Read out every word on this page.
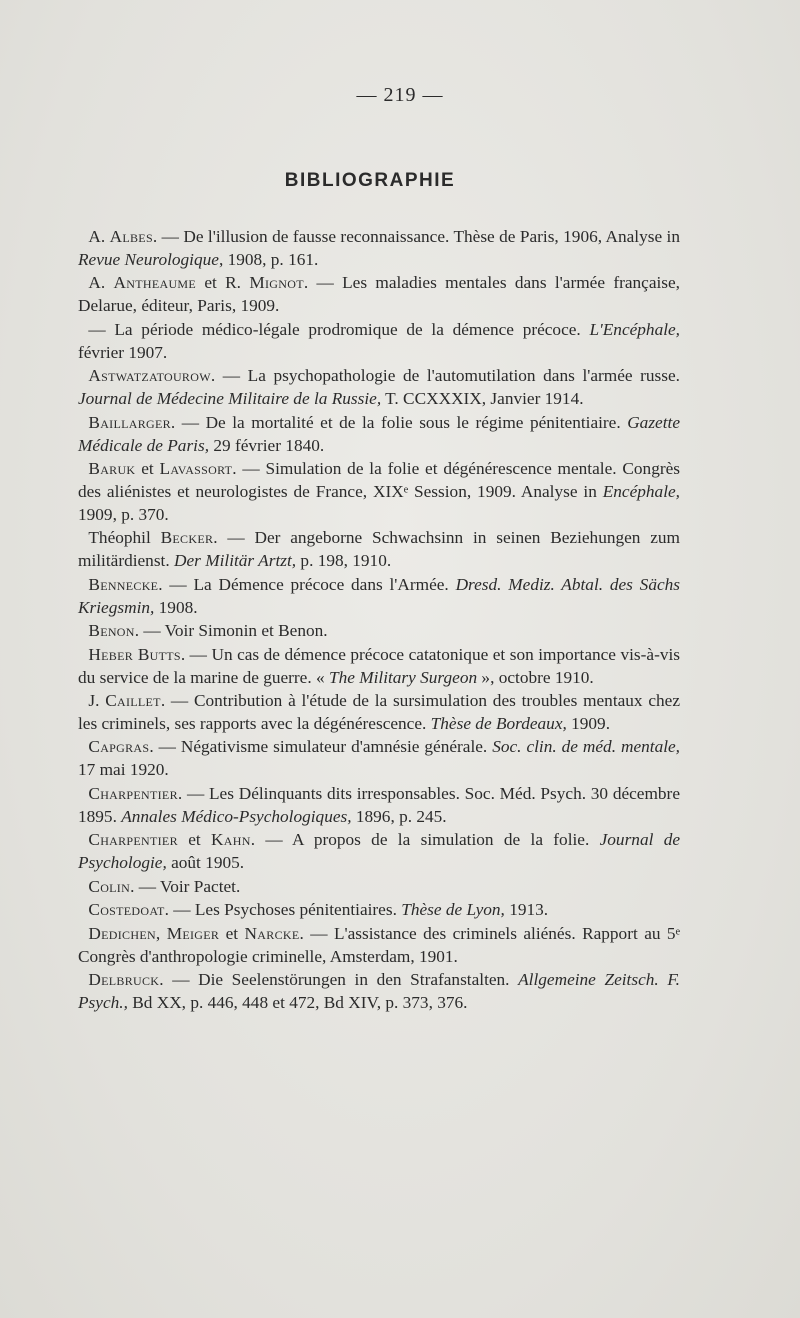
— 219 —
BIBLIOGRAPHIE

A. Albes. — De l'illusion de fausse reconnaissance. Thèse de Paris, 1906, Analyse in Revue Neurologique, 1908, p. 161.

A. Antheaume et R. Mignot. — Les maladies mentales dans l'armée française, Delarue, éditeur, Paris, 1909.

— La période médico-légale prodromique de la démence précoce. L'Encéphale, février 1907.

Astwatzatourow. — La psychopathologie de l'automutilation dans l'armée russe. Journal de Médecine Militaire de la Russie, T. CCXXXIX, Janvier 1914.

Baillarger. — De la mortalité et de la folie sous le régime pénitentiaire. Gazette Médicale de Paris, 29 février 1840.

Baruk et Lavassort. — Simulation de la folie et dégénérescence mentale. Congrès des aliénistes et neurologistes de France, XIXᵉ Session, 1909. Analyse in Encéphale, 1909, p. 370.

Théophil Becker. — Der angeborne Schwachsinn in seinen Beziehungen zum militärdienst. Der Militär Artzt, p. 198, 1910.

Bennecke. — La Démence précoce dans l'Armée. Dresd. Mediz. Abtal. des Sächs Kriegsmin, 1908.

Benon. — Voir Simonin et Benon.

Heber Butts. — Un cas de démence précoce catatonique et son importance vis-à-vis du service de la marine de guerre. « The Military Surgeon », octobre 1910.

J. Caillet. — Contribution à l'étude de la sursimulation des troubles mentaux chez les criminels, ses rapports avec la dégénérescence. Thèse de Bordeaux, 1909.

Capgras. — Négativisme simulateur d'amnésie générale. Soc. clin. de méd. mentale, 17 mai 1920.

Charpentier. — Les Délinquants dits irresponsables. Soc. Méd. Psych. 30 décembre 1895. Annales Médico-Psychologiques, 1896, p. 245.

Charpentier et Kahn. — A propos de la simulation de la folie. Journal de Psychologie, août 1905.

Colin. — Voir Pactet.

Costedoat. — Les Psychoses pénitentiaires. Thèse de Lyon, 1913.

Dedichen, Meiger et Narcke. — L'assistance des criminels aliénés. Rapport au 5ᵉ Congrès d'anthropologie criminelle, Amsterdam, 1901.

Delbruck. — Die Seelenstörungen in den Strafanstalten. Allgemeine Zeitsch. F. Psych., Bd XX, p. 446, 448 et 472, Bd XIV, p. 373, 376.
